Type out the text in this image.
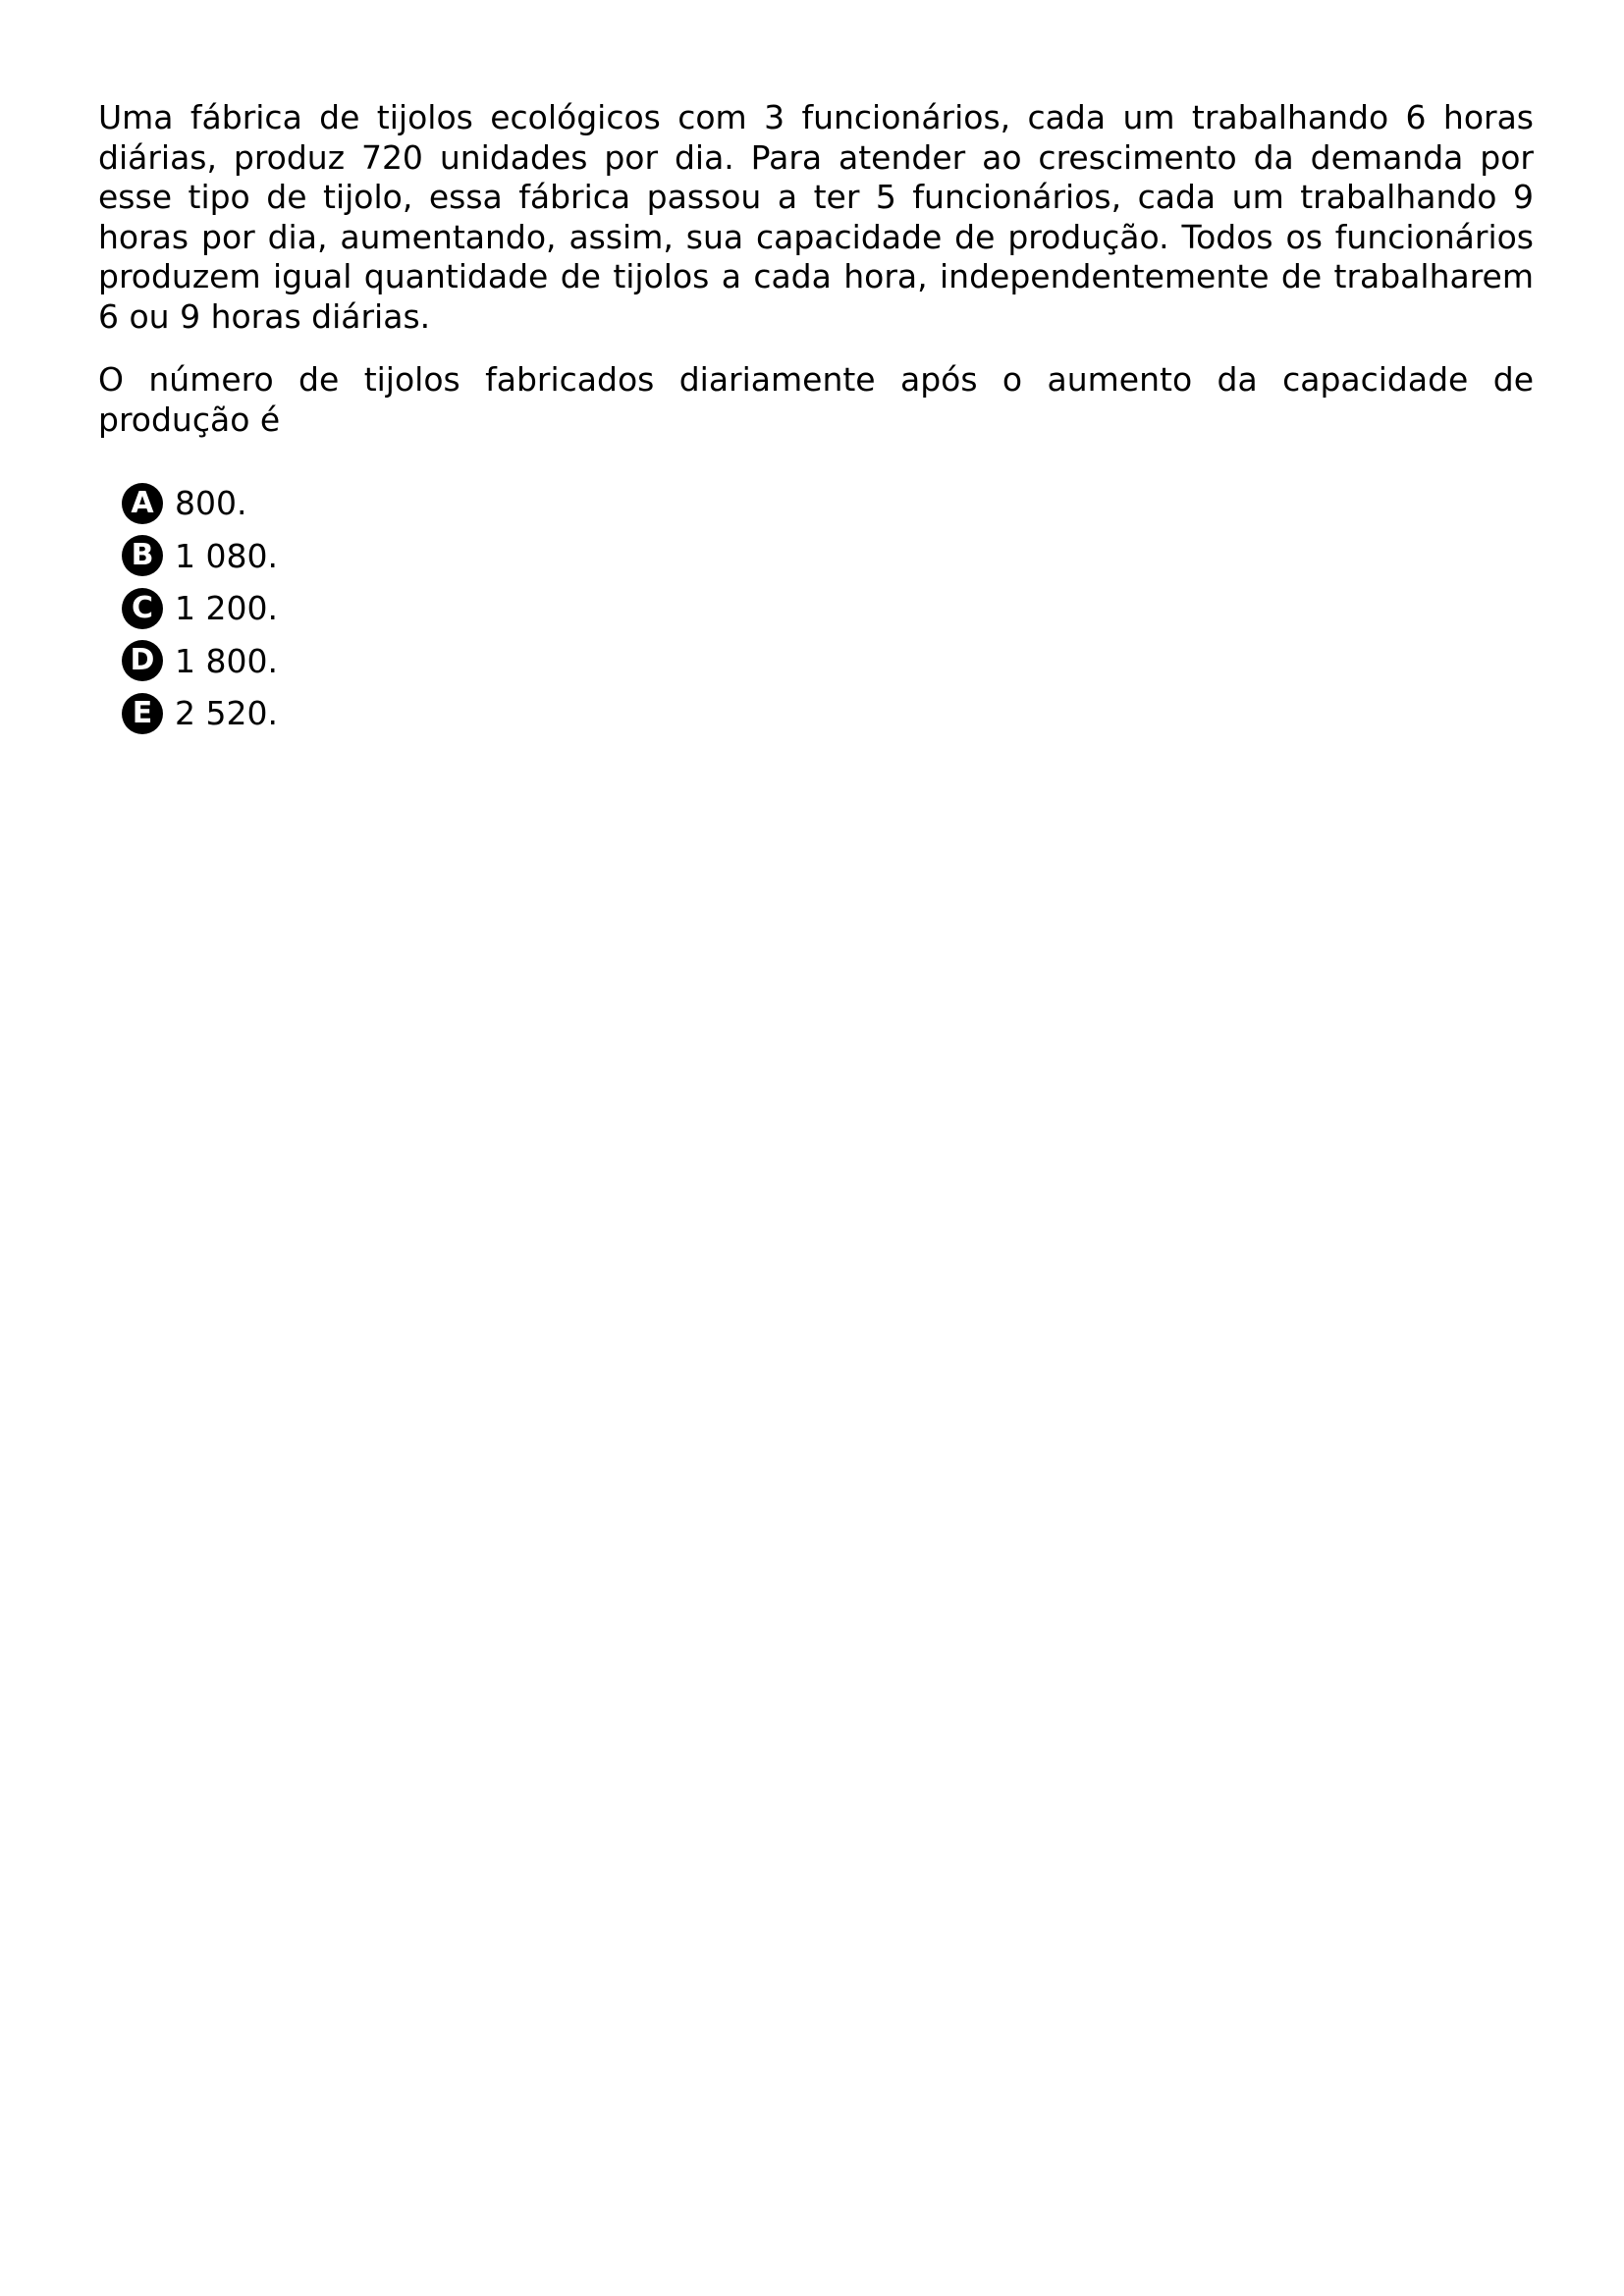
Uma fábrica de tijolos ecológicos com 3 funcionários, cada um trabalhando 6 horas diárias, produz 720 unidades por dia. Para atender ao crescimento da demanda por esse tipo de tijolo, essa fábrica passou a ter 5 funcionários, cada um trabalhando 9 horas por dia, aumentando, assim, sua capacidade de produção. Todos os funcionários produzem igual quantidade de tijolos a cada hora, independentemente de trabalharem 6 ou 9 horas diárias.

O número de tijolos fabricados diariamente após o aumento da capacidade de produção é

A 800.
B 1 080.
C 1 200.
D 1 800.
E 2 520.
